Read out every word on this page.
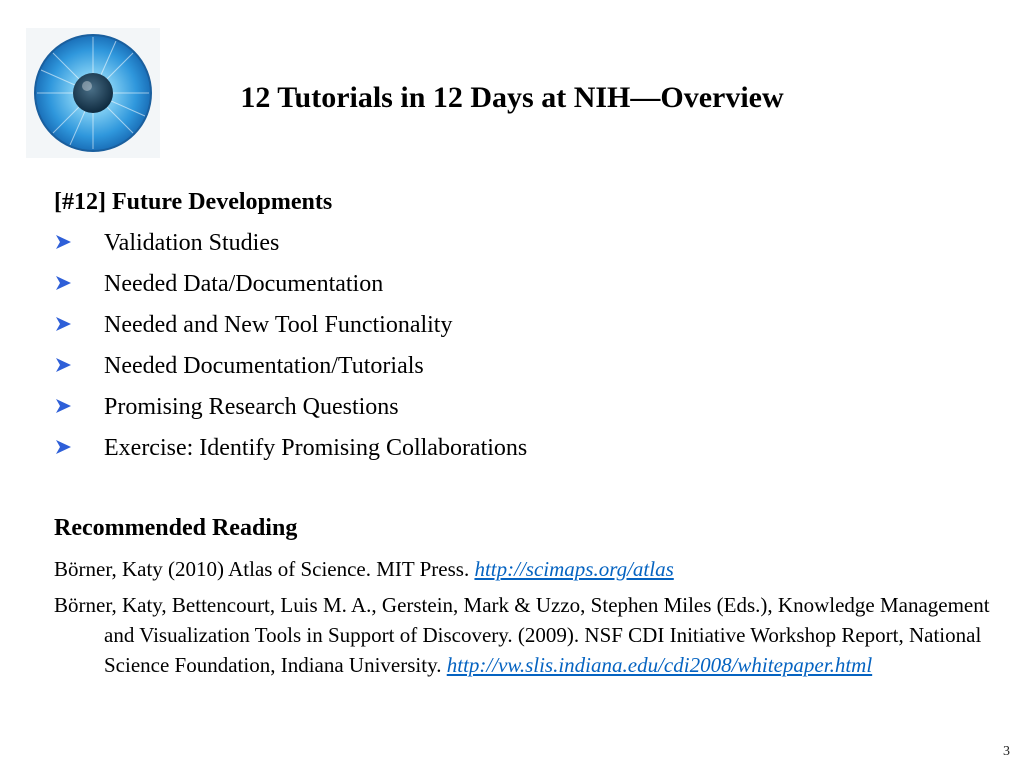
12 Tutorials in 12 Days at NIH—Overview
[#12] Future Developments
Validation Studies
Needed Data/Documentation
Needed and New Tool Functionality
Needed Documentation/Tutorials
Promising Research Questions
Exercise: Identify Promising Collaborations
Recommended Reading
Börner, Katy (2010) Atlas of Science. MIT Press. http://scimaps.org/atlas
Börner, Katy, Bettencourt, Luis M. A., Gerstein, Mark & Uzzo, Stephen Miles (Eds.), Knowledge Management and Visualization Tools in Support of Discovery. (2009). NSF CDI Initiative Workshop Report, National Science Foundation, Indiana University. http://vw.slis.indiana.edu/cdi2008/whitepaper.html
3
